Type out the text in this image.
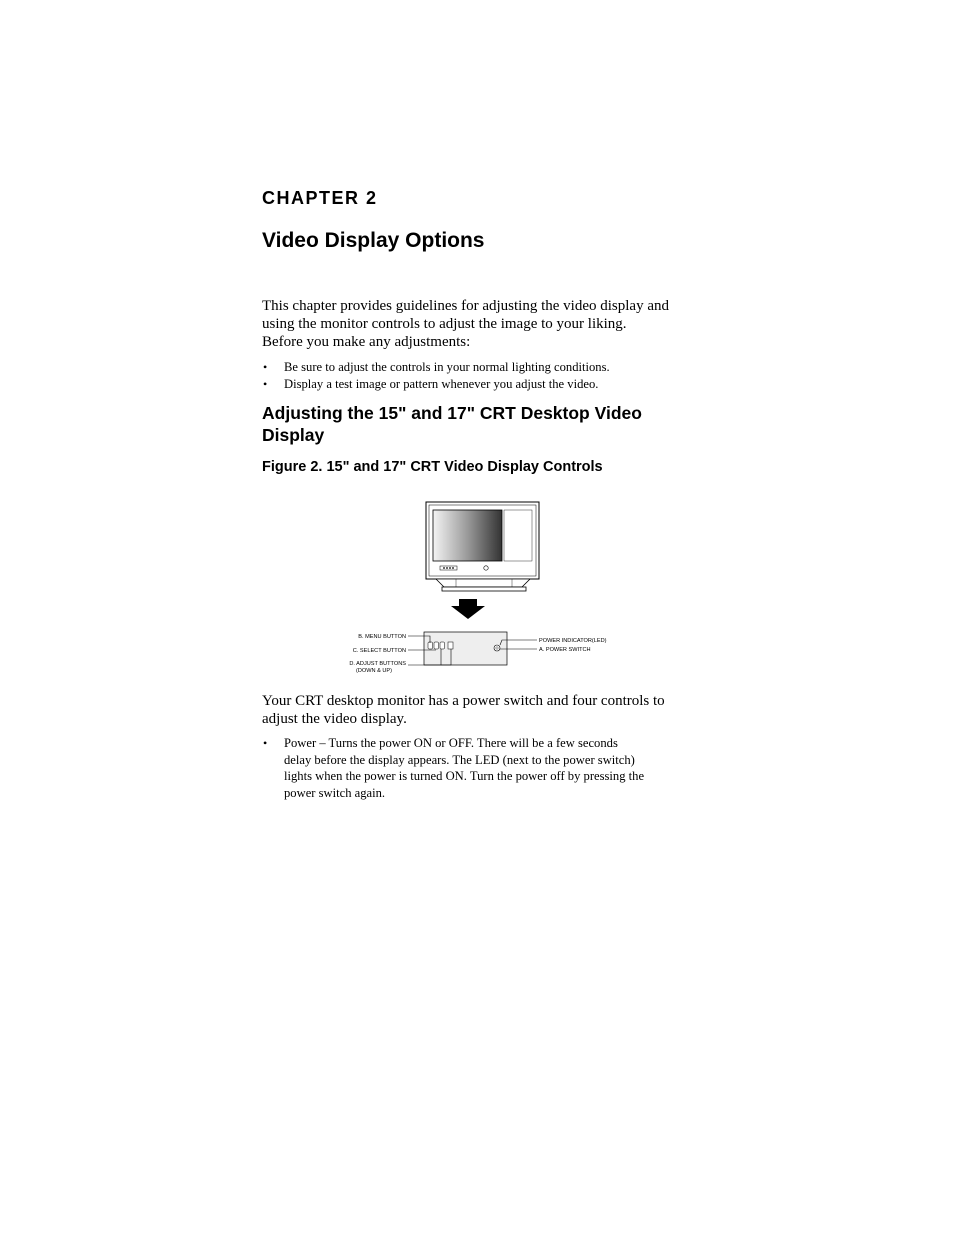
CHAPTER 2
Video Display Options
This chapter provides guidelines for adjusting the video display and
using the monitor controls to adjust the image to your liking.
Before you make any adjustments:
• Be sure to adjust the controls in your normal lighting conditions.
• Display a test image or pattern whenever you adjust the video.
Adjusting the 15" and 17" CRT Desktop Video Display
Figure 2. 15" and 17" CRT Video Display Controls
Your CRT desktop monitor has a power switch and four controls to
adjust the video display.
• Power – Turns the power ON or OFF. There will be a few seconds
delay before the display appears. The LED (next to the power switch)
lights when the power is turned ON. Turn the power off by pressing the
power switch again.
B. MENU BUTTON
C. SELECT BUTTON
D. ADJUST BUTTONS
(DOWN & UP)
POWER INDICATOR(LED)
A. POWER SWITCH
